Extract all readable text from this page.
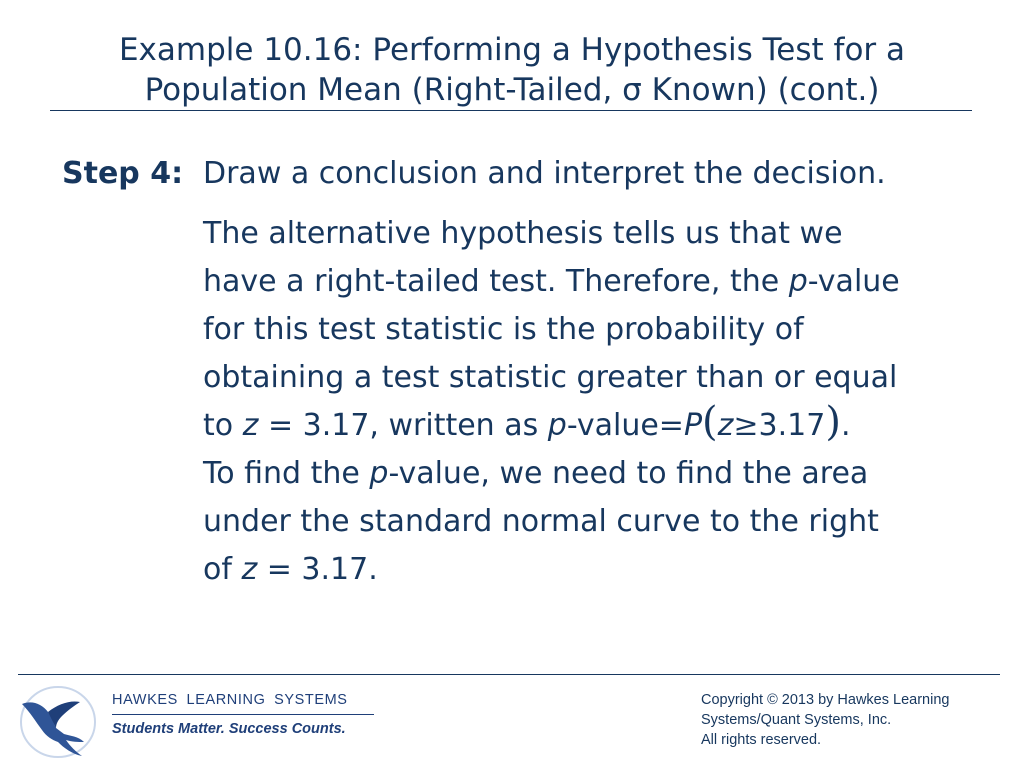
Example 10.16: Performing a Hypothesis Test for a
Population Mean (Right-Tailed, σ Known) (cont.)
Step 4: Draw a conclusion and interpret the decision.
The alternative hypothesis tells us that we
have a right-tailed test. Therefore, the p-value
for this test statistic is the probability of
obtaining a test statistic greater than or equal
to z = 3.17, written as p-value=P(z≥3.17).
To find the p-value, we need to find the area
under the standard normal curve to the right
of z = 3.17.
HAWKES LEARNING SYSTEMS
Students Matter. Success Counts.
Copyright © 2013 by Hawkes Learning
Systems/Quant Systems, Inc.
All rights reserved.
